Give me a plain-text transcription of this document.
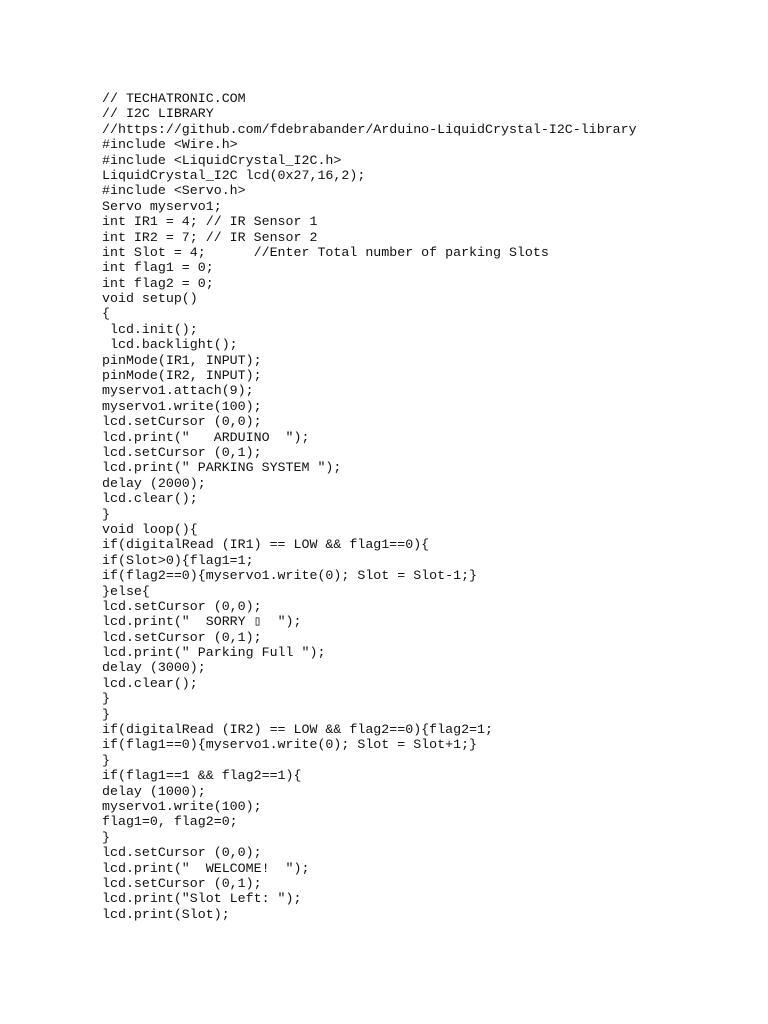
// TECHATRONIC.COM
// I2C LIBRARY
//https://github.com/fdebrabander/Arduino-LiquidCrystal-I2C-library
#include <Wire.h>
#include <LiquidCrystal_I2C.h>
LiquidCrystal_I2C lcd(0x27,16,2);
#include <Servo.h>
Servo myservo1;
int IR1 = 4; // IR Sensor 1
int IR2 = 7; // IR Sensor 2
int Slot = 4;      //Enter Total number of parking Slots
int flag1 = 0;
int flag2 = 0;
void setup()
{
lcd.init();
lcd.backlight();
pinMode(IR1, INPUT);
pinMode(IR2, INPUT);
myservo1.attach(9);
myservo1.write(100);
lcd.setCursor (0,0);
lcd.print("   ARDUINO  ");
lcd.setCursor (0,1);
lcd.print(" PARKING SYSTEM ");
delay (2000);
lcd.clear();
}
void loop(){
if(digitalRead (IR1) == LOW && flag1==0){
if(Slot>0){flag1=1;
if(flag2==0){myservo1.write(0); Slot = Slot-1;}
}else{
lcd.setCursor (0,0);
lcd.print("  SORRY ▯  ");
lcd.setCursor (0,1);
lcd.print(" Parking Full ");
delay (3000);
lcd.clear();
}
}
if(digitalRead (IR2) == LOW && flag2==0){flag2=1;
if(flag1==0){myservo1.write(0); Slot = Slot+1;}
}
if(flag1==1 && flag2==1){
delay (1000);
myservo1.write(100);
flag1=0, flag2=0;
}
lcd.setCursor (0,0);
lcd.print("  WELCOME!  ");
lcd.setCursor (0,1);
lcd.print("Slot Left: ");
lcd.print(Slot);
